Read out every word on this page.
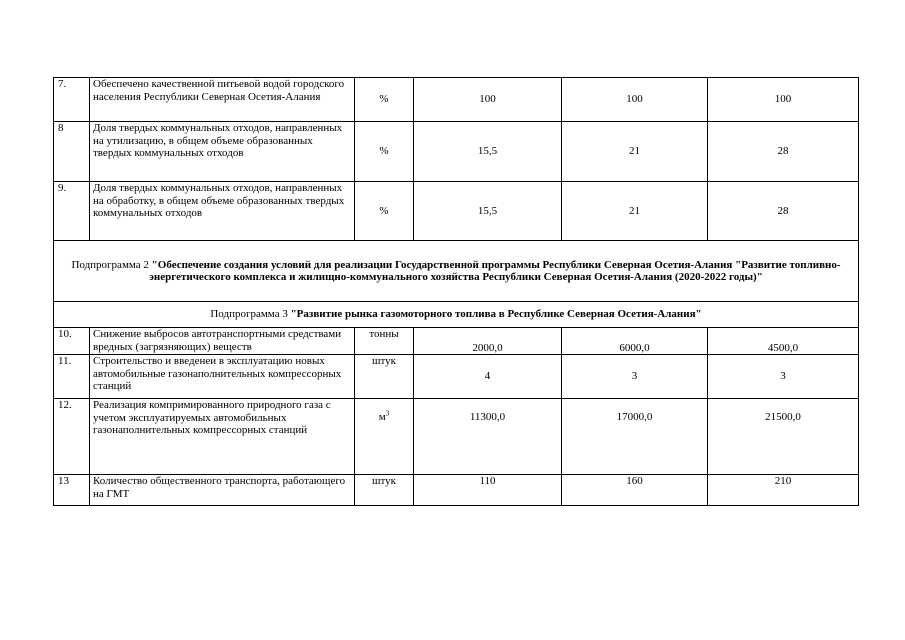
7.	Обеспечено качественной питьевой водой городского населения Республики Северная Осетия-Алания	%	100	100	100
8	Доля твердых коммунальных отходов, направленных на утилизацию, в общем объеме образованных твердых коммунальных отходов	%	15,5	21	28
9.	Доля твердых коммунальных отходов, направленных на обработку, в общем объеме образованных твердых коммунальных отходов	%	15,5	21	28
Подпрограмма 2 "Обеспечение создания условий для реализации Государственной программы Республики Северная Осетия-Алания "Развитие топливно-энергетического комплекса и жилищно-коммунального хозяйства Республики Северная Осетия-Алания (2020-2022 годы)"					
Подпрограмма 3 "Развитие рынка газомоторного топлива в Республике Северная Осетия-Алания"					
10.	Снижение выбросов автотранспортными средствами вредных (загрязняющих) веществ	тонны	2000,0	6000,0	4500,0
11.	Строительство и введенеи в эксплуатацию новых автомобильные газонаполнительных компрессорных станций	штук	4	3	3
12.	Реализация компримированного природного газа с учетом эксплуатируемых автомобильных газонаполнительных компрессорных станций	$м^3$	11300,0	17000,0	21500,0
13	Количество общественного транспорта, работающего на ГМТ	штук	110	160	210
